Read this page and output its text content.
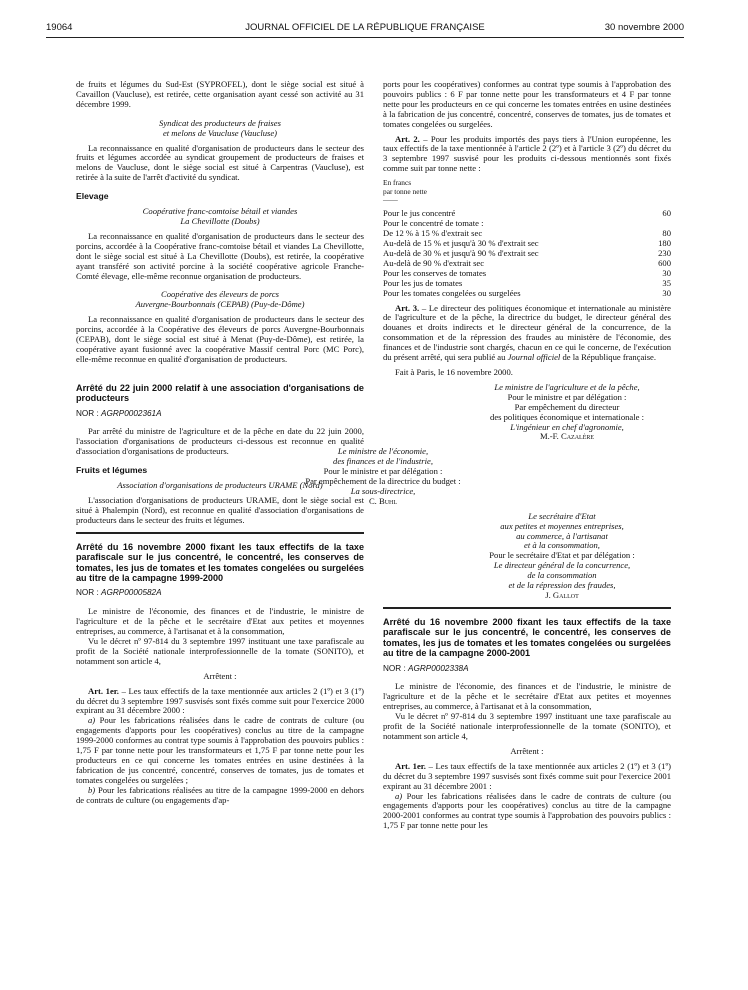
19064	JOURNAL OFFICIEL DE LA RÉPUBLIQUE FRANÇAISE	30 novembre 2000

de fruits et légumes du Sud-Est (SYPROFEL), dont le siège social est situé à Cavaillon (Vaucluse), est retirée, cette organisation ayant cessé son activité au 31 décembre 1999.

Syndicat des producteurs de fraises

et melons de Vaucluse (Vaucluse)

La reconnaissance en qualité d'organisation de producteurs dans le secteur des fruits et légumes accordée au syndicat groupement de producteurs de fraises et melons de Vaucluse, dont le siège social est situé à Carpentras (Vaucluse), est retirée à la suite de l'arrêt d'activité du syndicat.

Elevage

Coopérative franc-comtoise bétail et viandes

La Chevillotte (Doubs)

La reconnaissance en qualité d'organisation de producteurs dans le secteur des porcins, accordée à la Coopérative franc-comtoise bétail et viandes La Chevillotte, dont le siège social est situé à La Chevillotte (Doubs), est retirée, la coopérative ayant transféré son activité porcine à la société coopérative agricole Franche-Comté élevage, elle-même reconnue organisation de producteurs.

Coopérative des éleveurs de porcs

Auvergne-Bourbonnais (CEPAB) (Puy-de-Dôme)

La reconnaissance en qualité d'organisation de producteurs dans le secteur des porcins, accordée à la Coopérative des éleveurs de porcs Auvergne-Bourbonnais (CEPAB), dont le siège social est situé à Menat (Puy-de-Dôme), est retirée, la coopérative ayant fusionné avec la coopérative Massif central Porc (MC Porc), elle-même reconnue en qualité d'organisation de producteurs.

Arrêté du 22 juin 2000 relatif à une association d'organisations de producteurs

NOR : AGRP0002361A

Par arrêté du ministre de l'agriculture et de la pêche en date du 22 juin 2000, l'association d'organisations de producteurs ci-dessous est reconnue en qualité d'association d'organisations de producteurs.

Fruits et légumes

Association d'organisations de producteurs URAME (Nord)

L'association d'organisations de producteurs URAME, dont le siège social est situé à Phalempin (Nord), est reconnue en qualité d'association d'organisations de producteurs dans le secteur des fruits et légumes.

Arrêté du 16 novembre 2000 fixant les taux effectifs de la taxe parafiscale sur le jus concentré, le concentré, les conserves de tomates, les jus de tomates et les tomates congelées ou surgelées au titre de la campagne 1999-2000

NOR : AGRP0000582A

Le ministre de l'économie, des finances et de l'industrie, le ministre de l'agriculture et de la pêche et le secrétaire d'Etat aux petites et moyennes entreprises, au commerce, à l'artisanat et à la consommation,

Vu le décret nº 97-814 du 3 septembre 1997 instituant une taxe parafiscale au profit de la Société nationale interprofessionnelle de la tomate (SONITO), et notamment son article 4,

Arrêtent :

Art. 1er. – Les taux effectifs de la taxe mentionnée aux articles 2 (1º) et 3 (1º) du décret du 3 septembre 1997 susvisés sont fixés comme suit pour l'exercice 2000 expirant au 31 décembre 2000 :

a) Pour les fabrications réalisées dans le cadre de contrats de culture (ou engagements d'apports pour les coopératives) conclus au titre de la campagne 1999-2000 conformes au contrat type soumis à l'approbation des pouvoirs publics : 1,75 F par tonne nette pour les transformateurs et 1,75 F par tonne nette pour les producteurs en ce qui concerne les tomates entrées en usine destinées à la fabrication de jus concentré, concentré, conserves de tomates, jus de tomates et tomates congelées ou surgelées ;

b) Pour les fabrications réalisées au titre de la campagne 1999-2000 en dehors de contrats de culture (ou engagements d'ap-

ports pour les coopératives) conformes au contrat type soumis à l'approbation des pouvoirs publics : 6 F par tonne nette pour les transformateurs et 4 F par tonne nette pour les producteurs en ce qui concerne les tomates entrées en usine destinées à la fabrication de jus concentré, concentré, conserves de tomates, jus de tomates et tomates congelées ou surgelées.

Art. 2. – Pour les produits importés des pays tiers à l'Union européenne, les taux effectifs de la taxe mentionnée à l'article 2 (2º) et à l'article 3 (2º) du décret du 3 septembre 1997 susvisé pour les produits ci-dessous mentionnés sont fixés comme suit par tonne nette :

En francs

par tonne nette

——

Pour le jus concentré	60
Pour le concentré de tomate :
De 12 % à 15 % d'extrait sec	80
Au-delà de 15 % et jusqu'à 30 % d'extrait sec	180
Au-delà de 30 % et jusqu'à 90 % d'extrait sec	230
Au-delà de 90 % d'extrait sec	600
Pour les conserves de tomates	30
Pour les jus de tomates	35
Pour les tomates congelées ou surgelées	30

Art. 3. – Le directeur des politiques économique et internationale au ministère de l'agriculture et de la pêche, la directrice du budget, le directeur général des douanes et droits indirects et le directeur général de la concurrence, de la consommation et de la répression des fraudes au ministère de l'économie, des finances et de l'industrie sont chargés, chacun en ce qui le concerne, de l'exécution du présent arrêté, qui sera publié au Journal officiel de la République française.

Fait à Paris, le 16 novembre 2000.

Le ministre de l'agriculture et de la pêche,

Pour le ministre et par délégation :

Par empêchement du directeur

des politiques économique et internationale :

L'ingénieur en chef d'agronomie,

M.-F. Cazalère

Le ministre de l'économie,

des finances et de l'industrie,

Pour le ministre et par délégation :

Par empêchement de la directrice du budget :

La sous-directrice,

C. Buhl

Le secrétaire d'Etat

aux petites et moyennes entreprises,

au commerce, à l'artisanat

et à la consommation,

Pour le secrétaire d'Etat et par délégation :

Le directeur général de la concurrence,

de la consommation

et de la répression des fraudes,

J. Gallot

Arrêté du 16 novembre 2000 fixant les taux effectifs de la taxe parafiscale sur le jus concentré, le concentré, les conserves de tomates, les jus de tomates et les tomates congelées ou surgelées au titre de la campagne 2000-2001

NOR : AGRP0002338A

Le ministre de l'économie, des finances et de l'industrie, le ministre de l'agriculture et de la pêche et le secrétaire d'Etat aux petites et moyennes entreprises, au commerce, à l'artisanat et à la consommation,

Vu le décret nº 97-814 du 3 septembre 1997 instituant une taxe parafiscale au profit de la Société nationale interprofessionnelle de la tomate (SONITO), et notamment son article 4,

Arrêtent :

Art. 1er. – Les taux effectifs de la taxe mentionnée aux articles 2 (1º) et 3 (1º) du décret du 3 septembre 1997 susvisés sont fixés comme suit pour l'exercice 2001 expirant au 31 décembre 2001 :

a) Pour les fabrications réalisées dans le cadre de contrats de culture (ou engagements d'apports pour les coopératives) conclus au titre de la campagne 2000-2001 conformes au contrat type soumis à l'approbation des pouvoirs publics : 1,75 F par tonne nette pour les
